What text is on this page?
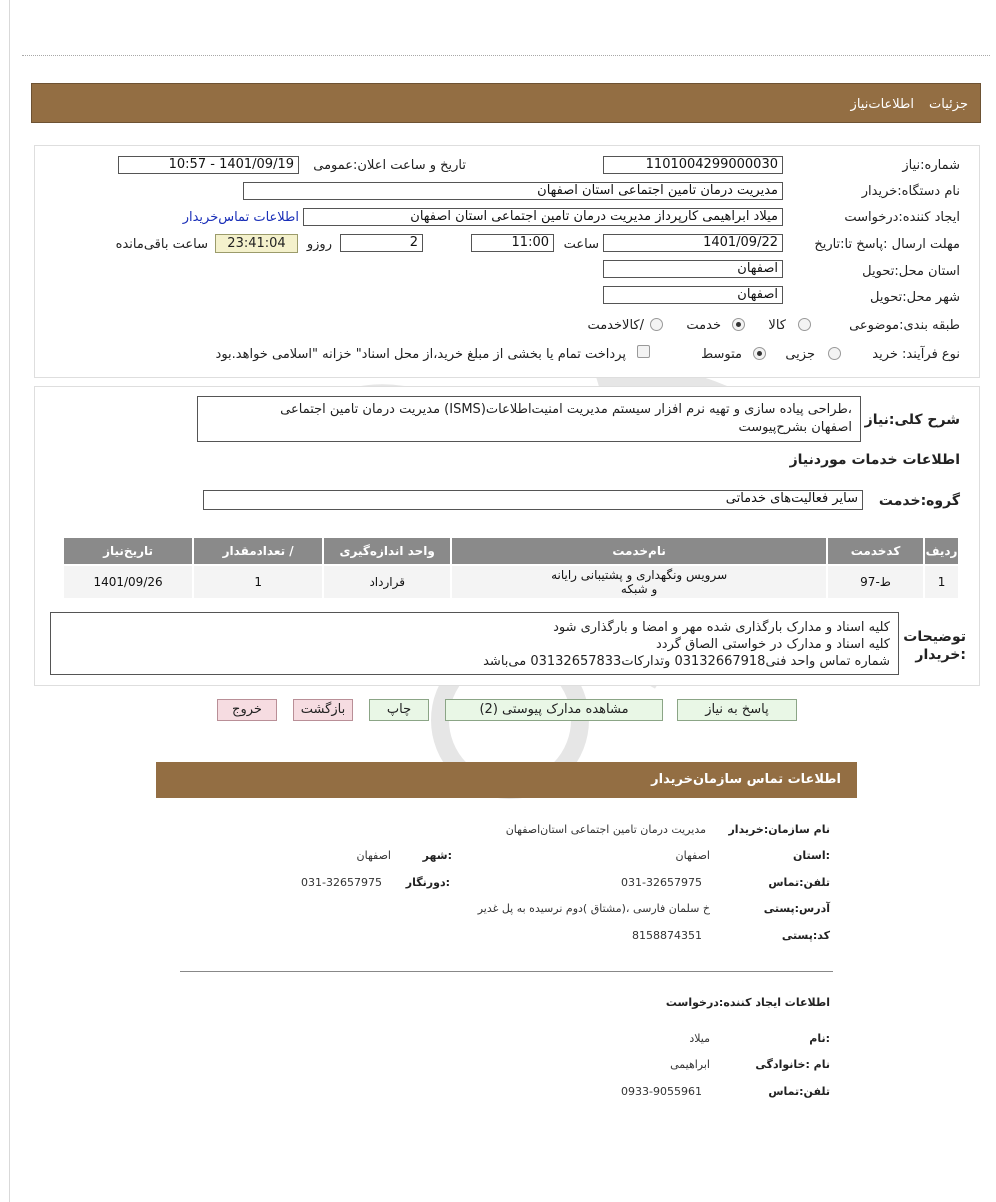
جزئیات
اطلاعات‌نیاز
شماره:نیاز
1101004299000030
تاریخ و ساعت اعلان:عمومی
1401/09/19 - 10:57
نام دستگاه:خریدار
مدیریت درمان تامین اجتماعی استان اصفهان
ایجاد کننده:درخواست
میلاد ابراهیمی کارپرداز مدیریت درمان تامین اجتماعی استان اصفهان
اطلاعات تماس‌خریدار
مهلت ارسال :پاسخ تا:تاریخ
1401/09/22
ساعت
11:00
2
روزو
23:41:04
ساعت باقی‌مانده
استان محل:تحویل
اصفهان
شهر محل:تحویل
اصفهان
طبقه بندی:موضوعی
کالا
خدمت
/کالاخدمت
نوع فرآیند: خرید
جزیی
متوسط
پرداخت تمام یا بخشی از مبلغ خرید،از محل اسناد" خزانه "اسلامی خواهد.بود
شرح کلی:نیاز
،طراحی پیاده سازی و تهیه نرم افزار سیستم مدیریت امنیت‌اطلاعات(ISMS) مدیریت درمان تامین اجتماعی
اصفهان بشرح‌پیوست
اطلاعات خدمات موردنیاز
گروه:خدمت
سایر فعالیت‌های خدماتی
ردیف	کدخدمت	نام‌خدمت	واحد اندازه‌گیری	/ تعدادمقدار	تاریخ‌نیاز
1	ط-97	سرویس ونگهداری و پشتیبانی رایانه
و شبکه	قرارداد	1	1401/09/26
توضیحات
:خریدار
کلیه اسناد و مدارک بارگذاری شده مهر و امضا و بارگذاری شود
کلیه اسناد و مدارک در خواستی الصاق گردد
شماره تماس واحد فنی03132667918 وتدارکات03132657833 می‌باشد
پاسخ به نیاز
مشاهده مدارک پیوستی (2)
چاپ
بازگشت
خروج
اطلاعات تماس سازمان‌خریدار
نام سازمان:خریدار
مدیریت درمان تامین اجتماعی استان‌اصفهان
:استان
اصفهان
:شهر
اصفهان
تلفن:تماس
031-32657975
:دورنگار
031-32657975
آدرس:پستی
خ سلمان فارسی ،(مشتاق )دوم نرسیده به پل غدیر
کد:پستی
8158874351
اطلاعات ایجاد کننده:درخواست
:نام
میلاد
نام :خانوادگی
ابراهیمی
تلفن:تماس
0933-9055961
